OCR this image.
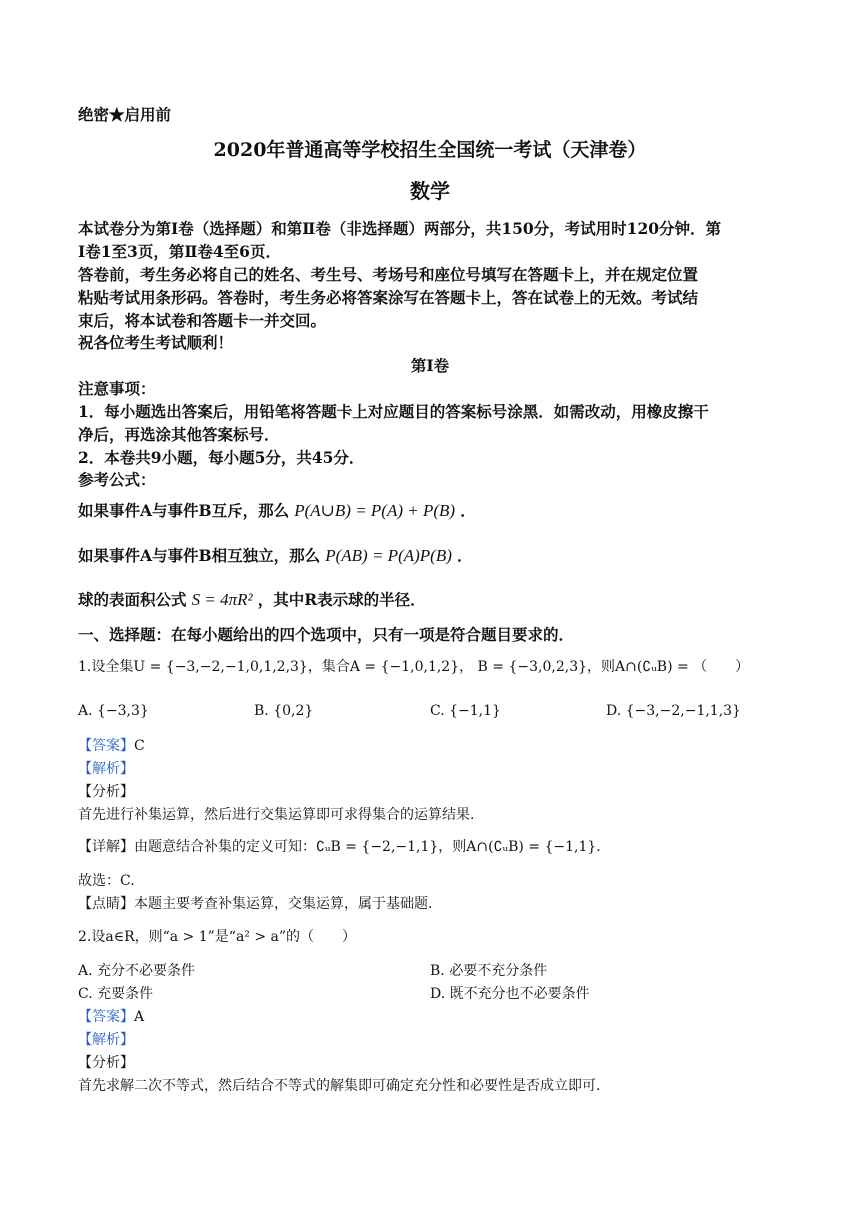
绝密★启用前
2020年普通高等学校招生全国统一考试（天津卷）
数学
本试卷分为第Ⅰ卷（选择题）和第Ⅱ卷（非选择题）两部分，共150分，考试用时120分钟．第
Ⅰ卷1至3页，第Ⅱ卷4至6页．
答卷前，考生务必将自己的姓名、考生号、考场号和座位号填写在答题卡上，并在规定位置
粘贴考试用条形码。答卷时，考生务必将答案涂写在答题卡上，答在试卷上的无效。考试结
束后，将本试卷和答题卡一并交回。
祝各位考生考试顺利！
第I卷
注意事项：
1．每小题选出答案后，用铅笔将答题卡上对应题目的答案标号涂黑．如需改动，用橡皮擦干
净后，再选涂其他答案标号．
2．本卷共9小题，每小题5分，共45分．
参考公式：
如果事件A与事件B互斥，那么 P(A∪B) = P(A) + P(B) ．
如果事件A与事件B相互独立，那么 P(AB) = P(A)P(B) ．
球的表面积公式 S = 4πR² ，其中R表示球的半径．
一、选择题：在每小题给出的四个选项中，只有一项是符合题目要求的．
1.设全集U = {−3,−2,−1,0,1,2,3}，集合A = {−1,0,1,2}， B = {−3,0,2,3}，则A∩(∁ᵤB) = （　　）
A. {−3,3}	B. {0,2}	C. {−1,1}	D. {−3,−2,−1,1,3}
【答案】C
【解析】
【分析】
首先进行补集运算，然后进行交集运算即可求得集合的运算结果.
【详解】由题意结合补集的定义可知：∁ᵤB = {−2,−1,1}，则A∩(∁ᵤB) = {−1,1}.
故选：C.
【点睛】本题主要考查补集运算，交集运算，属于基础题.
2.设a∈R，则“a > 1”是“a² > a”的（　　）
A. 充分不必要条件	B. 必要不充分条件
C. 充要条件	D. 既不充分也不必要条件
【答案】A
【解析】
【分析】
首先求解二次不等式，然后结合不等式的解集即可确定充分性和必要性是否成立即可.
